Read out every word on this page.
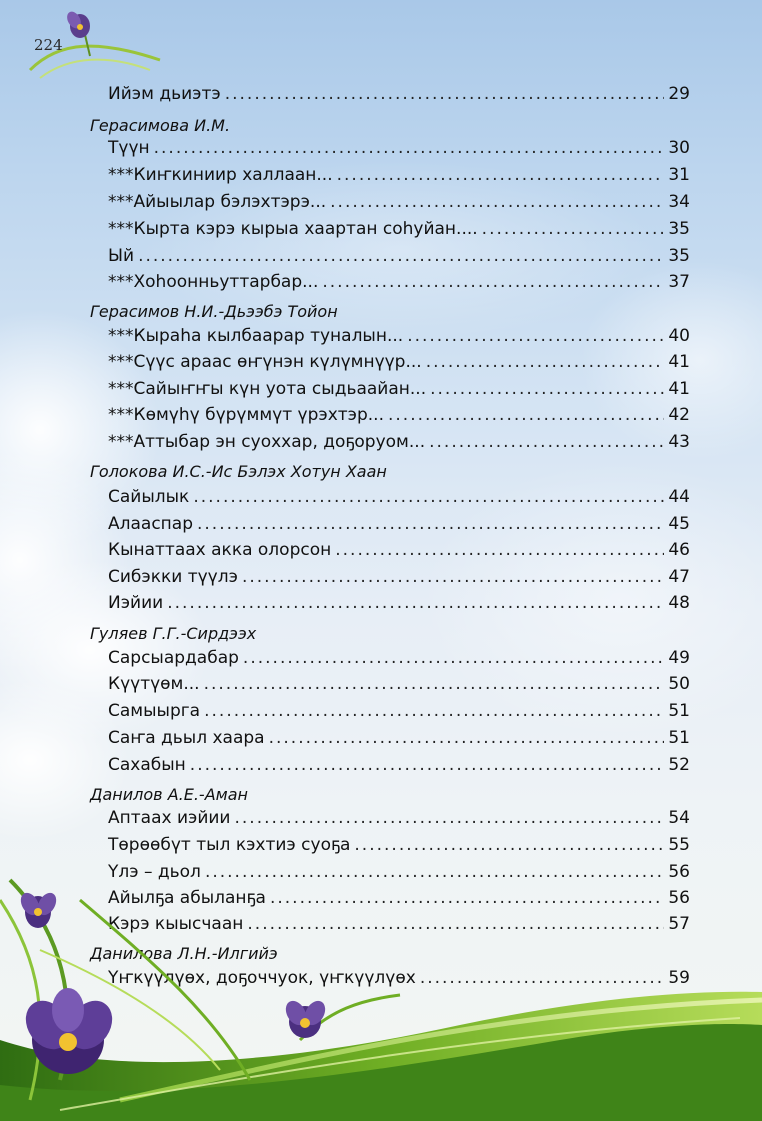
224
Ийэм дьиэтэ .....	29
Герасимова И.М.
Түүн .....	30
***Киҥкиниир халлаан... .....	31
***Айыылар бэлэхтэрэ... .....	34
***Кырта кэрэ кырыа хаартан соһуйан.... .....	35
Ый .....	35
***Хоһоонньуттарбар... .....	37
Герасимов Н.И.-Дьээбэ Тойон
***Кыраһа кылбаарар туналын... .....	40
***Сүүс араас өҥүнэн күлүмнүүр... .....	41
***Сайыҥҥы күн уота сыдьаайан... .....	41
***Көмүһү бүрүммүт үрэхтэр... .....	42
***Аттыбар эн суоххар, доҕоруом... .....	43
Голокова И.С.-Ис Бэлэх Хотун Хаан
Сайылык .....	44
Алааспар .....	45
Кынаттаах акка олорсон .....	46
Сибэкки түүлэ .....	47
Иэйии .....	48
Гуляев Г.Г.-Сирдээх
Сарсыардабар .....	49
Күүтүөм... .....	50
Самыырга .....	51
Саҥа дьыл хаара .....	51
Сахабын .....	52
Данилов А.Е.-Аман
Аптаах иэйии .....	54
Төрөөбүт тыл кэхтиэ суоҕа .....	55
Үлэ – дьол .....	56
Айылҕа абыланҕа .....	56
Кэрэ кыысчаан .....	57
Данилова Л.Н.-Илгийэ
Үҥкүүлүөх, доҕоччуок, үҥкүүлүөх .....	59
